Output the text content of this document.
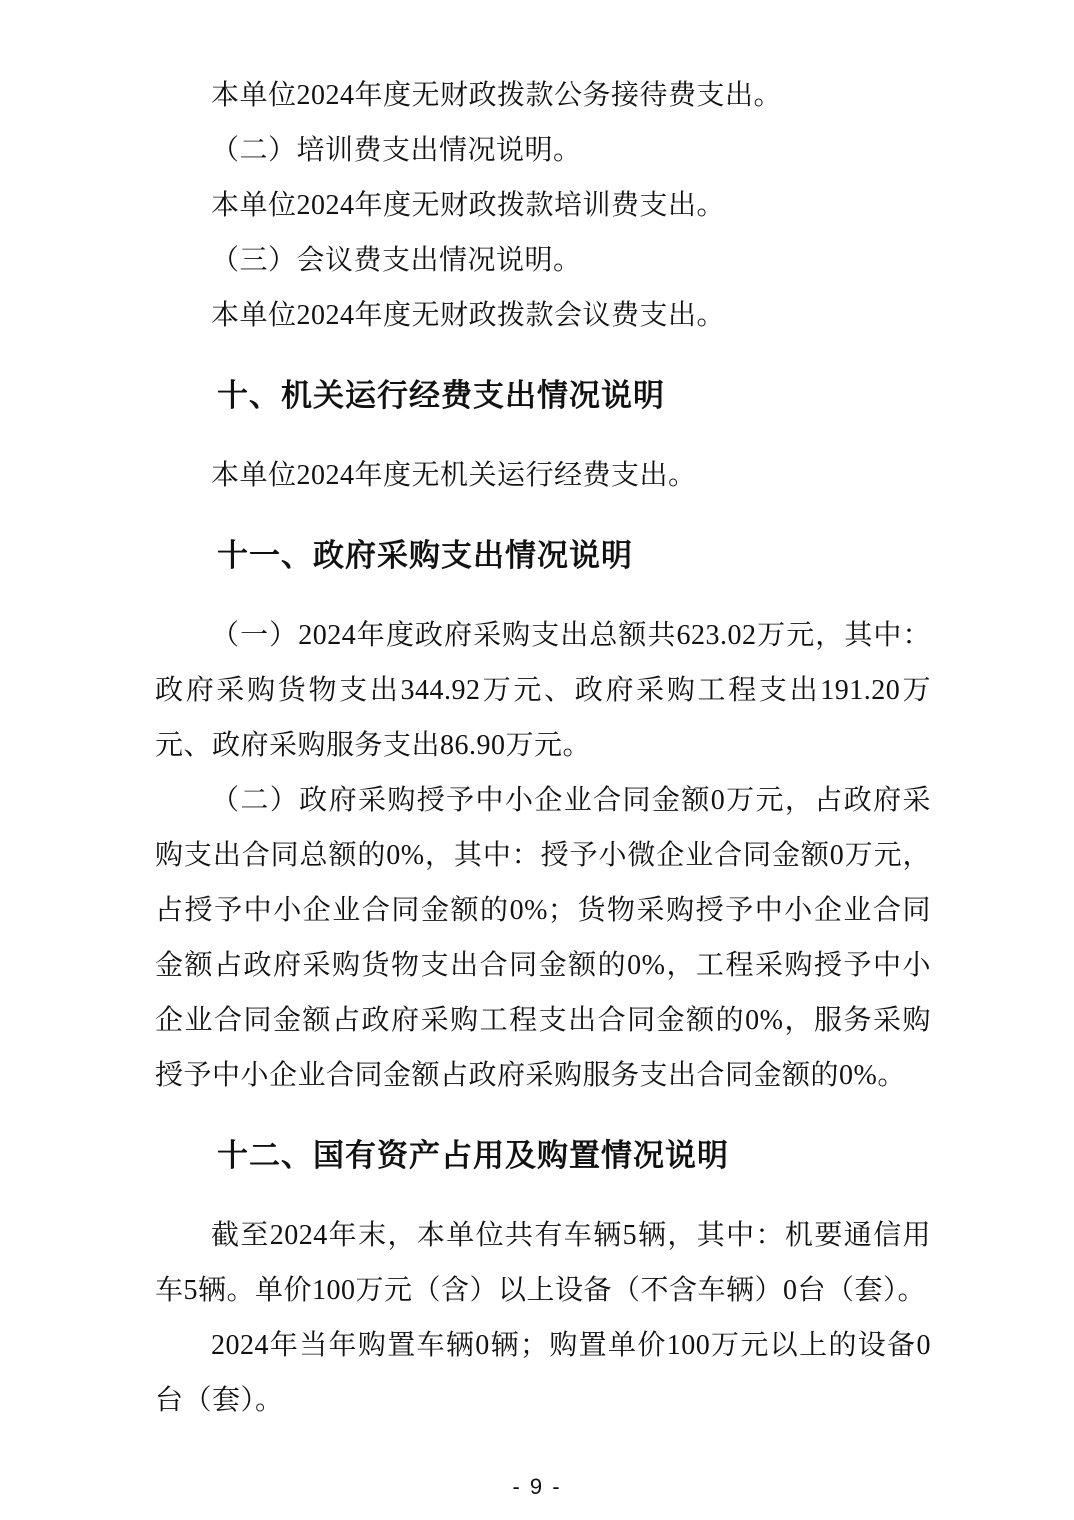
本单位2024年度无财政拨款公务接待费支出。

（二）培训费支出情况说明。

本单位2024年度无财政拨款培训费支出。

（三）会议费支出情况说明。

本单位2024年度无财政拨款会议费支出。

十、机关运行经费支出情况说明

本单位2024年度无机关运行经费支出。

十一、政府采购支出情况说明

（一）2024年度政府采购支出总额共623.02万元，其中：政府采购货物支出344.92万元、政府采购工程支出191.20万元、政府采购服务支出86.90万元。

（二）政府采购授予中小企业合同金额0万元，占政府采购支出合同总额的0%，其中：授予小微企业合同金额0万元，占授予中小企业合同金额的0%；货物采购授予中小企业合同金额占政府采购货物支出合同金额的0%，工程采购授予中小企业合同金额占政府采购工程支出合同金额的0%，服务采购授予中小企业合同金额占政府采购服务支出合同金额的0%。

十二、国有资产占用及购置情况说明

截至2024年末，本单位共有车辆5辆，其中：机要通信用车5辆。单价100万元（含）以上设备（不含车辆）0台（套）。

2024年当年购置车辆0辆；购置单价100万元以上的设备0台（套）。

- 9 -
